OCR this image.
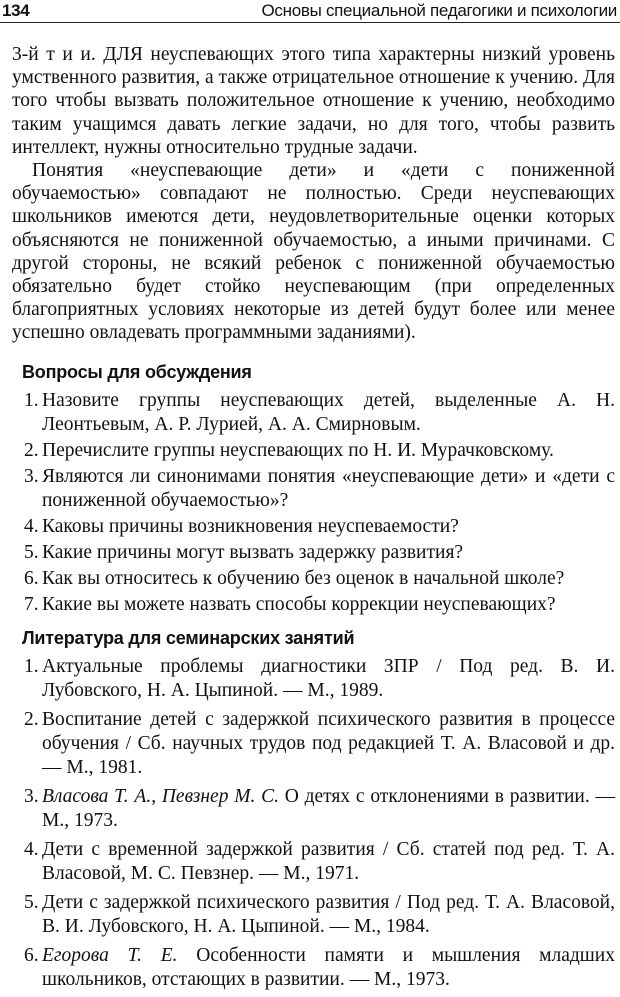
134	Основы специальной педагогики и психологии

3-й т и и. ДЛЯ неуспевающих этого типа характерны низкий уровень умственного развития, а также отрицательное отношение к учению. Для того чтобы вызвать положительное отношение к учению, необходимо таким учащимся давать легкие задачи, но для того, чтобы развить интеллект, нужны относительно трудные задачи.

Понятия «неуспевающие дети» и «дети с пониженной обучаемостью» совпадают не полностью. Среди неуспевающих школьников имеются дети, неудовлетворительные оценки которых объясняются не пониженной обучаемостью, а иными причинами. С другой стороны, не всякий ребенок с пониженной обучаемостью обязательно будет стойко неуспевающим (при определенных благоприятных условиях некоторые из детей будут более или менее успешно овладевать программными заданиями).

Вопросы для обсуждения
1. Назовите группы неуспевающих детей, выделенные А. Н. Леонтьевым, А. Р. Лурией, А. А. Смирновым.
2. Перечислите группы неуспевающих по Н. И. Мурачковскому.
3. Являются ли синонимами понятия «неуспевающие дети» и «дети с пониженной обучаемостью»?
4. Каковы причины возникновения неуспеваемости?
5. Какие причины могут вызвать задержку развития?
6. Как вы относитесь к обучению без оценок в начальной школе?
7. Какие вы можете назвать способы коррекции неуспевающих?
Литература для семинарских занятий
1. Актуальные проблемы диагностики ЗПР / Под ред. В. И. Лубовского, Н. А. Цыпиной. — М., 1989.
2. Воспитание детей с задержкой психического развития в процессе обучения / Сб. научных трудов под редакцией Т. А. Власовой и др. — М., 1981.
3. Власова Т. А., Певзнер М. С. О детях с отклонениями в развитии. — М., 1973.
4. Дети с временной задержкой развития / Сб. статей под ред. Т. А. Власовой, М. С. Певзнер. — М., 1971.
5. Дети с задержкой психического развития / Под ред. Т. А. Власовой, В. И. Лубовского, Н. А. Цыпиной. — М., 1984.
6. Егорова Т. Е. Особенности памяти и мышления младших школьников, отстающих в развитии. — М., 1973.
